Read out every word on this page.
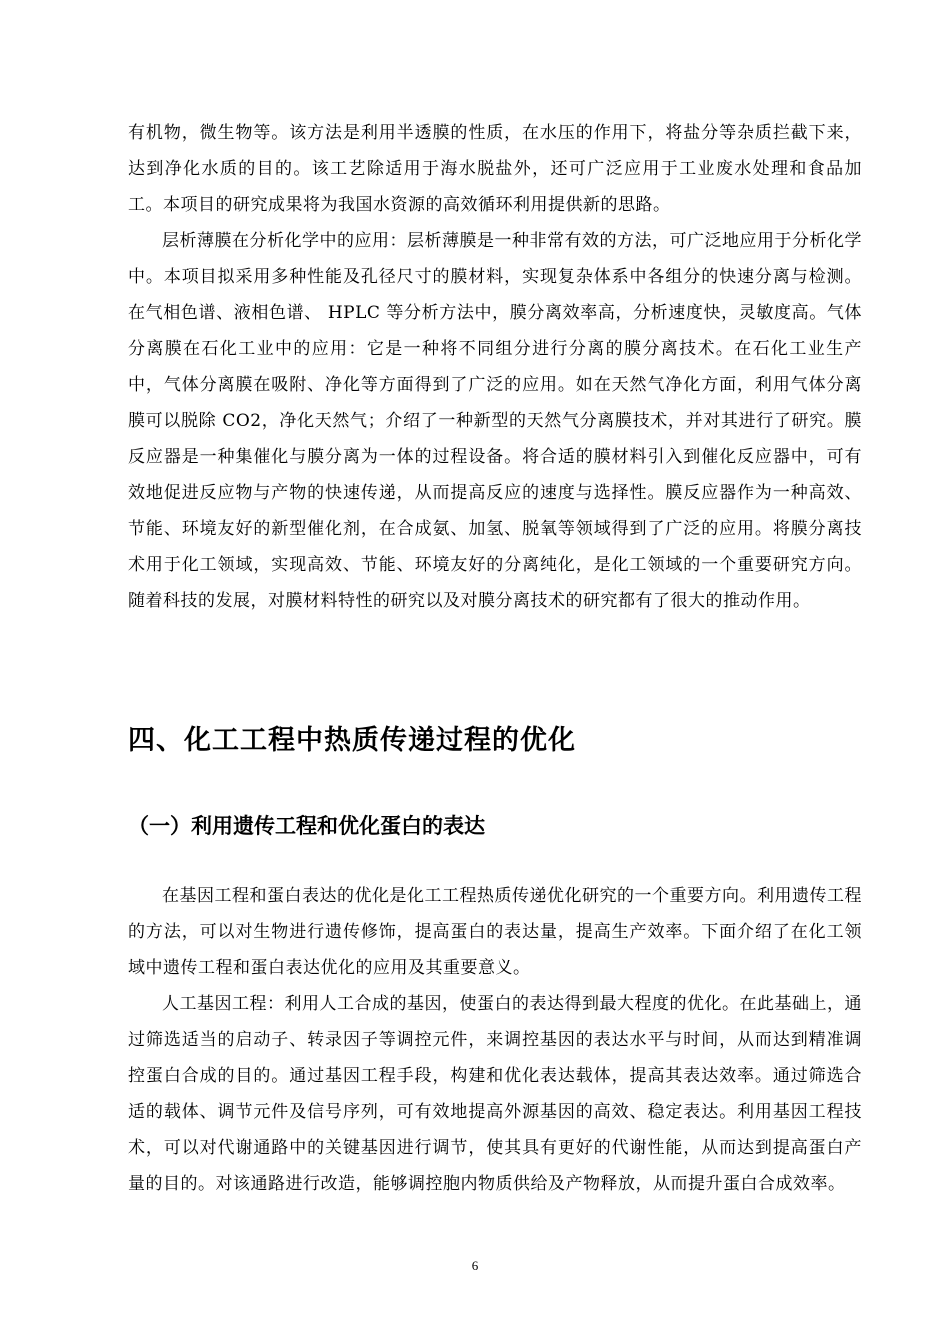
有机物，微生物等。该方法是利用半透膜的性质，在水压的作用下，将盐分等杂质拦截下来，达到净化水质的目的。该工艺除适用于海水脱盐外，还可广泛应用于工业废水处理和食品加工。本项目的研究成果将为我国水资源的高效循环利用提供新的思路。

层析薄膜在分析化学中的应用：层析薄膜是一种非常有效的方法，可广泛地应用于分析化学中。本项目拟采用多种性能及孔径尺寸的膜材料，实现复杂体系中各组分的快速分离与检测。在气相色谱、液相色谱、 HPLC 等分析方法中，膜分离效率高，分析速度快，灵敏度高。气体分离膜在石化工业中的应用：它是一种将不同组分进行分离的膜分离技术。在石化工业生产中，气体分离膜在吸附、净化等方面得到了广泛的应用。如在天然气净化方面，利用气体分离膜可以脱除 CO2，净化天然气；介绍了一种新型的天然气分离膜技术，并对其进行了研究。膜反应器是一种集催化与膜分离为一体的过程设备。将合适的膜材料引入到催化反应器中，可有效地促进反应物与产物的快速传递，从而提高反应的速度与选择性。膜反应器作为一种高效、节能、环境友好的新型催化剂，在合成氨、加氢、脱氧等领域得到了广泛的应用。将膜分离技术用于化工领域，实现高效、节能、环境友好的分离纯化，是化工领域的一个重要研究方向。随着科技的发展，对膜材料特性的研究以及对膜分离技术的研究都有了很大的推动作用。

四、化工工程中热质传递过程的优化
（一）利用遗传工程和优化蛋白的表达

在基因工程和蛋白表达的优化是化工工程热质传递优化研究的一个重要方向。利用遗传工程的方法，可以对生物进行遗传修饰，提高蛋白的表达量，提高生产效率。下面介绍了在化工领域中遗传工程和蛋白表达优化的应用及其重要意义。

人工基因工程：利用人工合成的基因，使蛋白的表达得到最大程度的优化。在此基础上，通过筛选适当的启动子、转录因子等调控元件，来调控基因的表达水平与时间，从而达到精准调控蛋白合成的目的。通过基因工程手段，构建和优化表达载体，提高其表达效率。通过筛选合适的载体、调节元件及信号序列，可有效地提高外源基因的高效、稳定表达。利用基因工程技术，可以对代谢通路中的关键基因进行调节，使其具有更好的代谢性能，从而达到提高蛋白产量的目的。对该通路进行改造，能够调控胞内物质供给及产物释放，从而提升蛋白合成效率。

6
